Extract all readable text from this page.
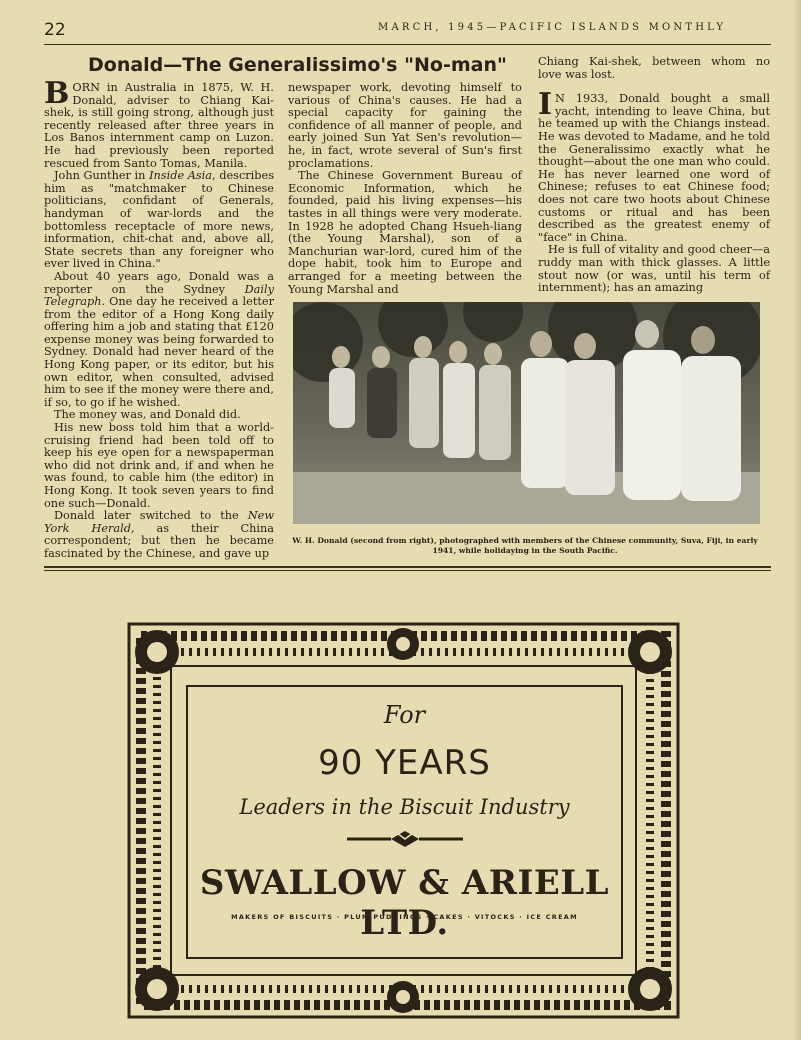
22	MARCH, 1945—PACIFIC ISLANDS MONTHLY
Donald—The Generalissimo's "No-man"

BORN in Australia in 1875, W. H. Donald, adviser to Chiang Kai-shek, is still going strong, although just recently released after three years in Los Banos internment camp on Luzon. He had previously been reported rescued from Santo Tomas, Manila.

John Gunther in Inside Asia, describes him as "matchmaker to Chinese politicians, confidant of Generals, handyman of war-lords and the bottomless receptacle of more news, information, chit-chat and, above all, State secrets than any foreigner who ever lived in China."

About 40 years ago, Donald was a reporter on the Sydney Daily Telegraph. One day he received a letter from the editor of a Hong Kong daily offering him a job and stating that £120 expense money was being forwarded to Sydney. Donald had never heard of the Hong Kong paper, or its editor, but his own editor, when consulted, advised him to see if the money were there and, if so, to go if he wished.

The money was, and Donald did.

His new boss told him that a world-cruising friend had been told off to keep his eye open for a newspaperman who did not drink and, if and when he was found, to cable him (the editor) in Hong Kong. It took seven years to find one such—Donald.

Donald later switched to the New York Herald, as their China correspondent; but then he became fascinated by the Chinese, and gave up

newspaper work, devoting himself to various of China's causes. He had a special capacity for gaining the confidence of all manner of people, and early joined Sun Yat Sen's revolution—he, in fact, wrote several of Sun's first proclamations.

The Chinese Government Bureau of Economic Information, which he founded, paid his living expenses—his tastes in all things were very moderate. In 1928 he adopted Chang Hsueh-liang (the Young Marshal), son of a Manchurian war-lord, cured him of the dope habit, took him to Europe and arranged for a meeting between the Young Marshal and

Chiang Kai-shek, between whom no love was lost.

I N 1933, Donald bought a small yacht, intending to leave China, but he teamed up with the Chiangs instead. He was devoted to Madame, and he told the Generalissimo exactly what he thought—about the one man who could. He has never learned one word of Chinese; refuses to eat Chinese food; does not care two hoots about Chinese customs or ritual and has been described as the greatest enemy of "face" in China.

He is full of vitality and good cheer—a ruddy man with thick glasses. A little stout now (or was, until his term of internment); has an amazing

W. H. Donald (second from right), photographed with members of the Chinese community, Suva, Fiji, in early 1941, while holidaying in the South Pacific.
For
90 YEARS
Leaders in the Biscuit Industry
SWALLOW & ARIELL LTD.
MAKERS OF BISCUITS · PLUM PUDDINGS · CAKES · VITOCKS · ICE CREAM
